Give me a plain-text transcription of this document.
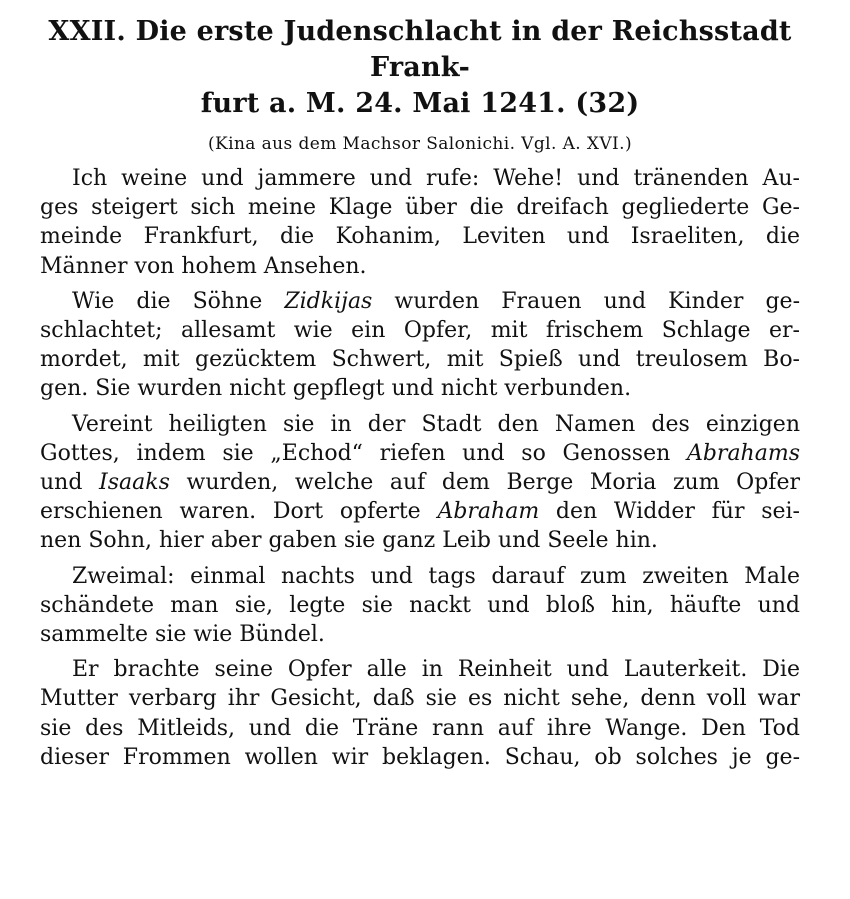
XXII. Die erste Judenschlacht in der Reichsstadt Frank-
furt a. M. 24. Mai 1241. (32)
(Kina aus dem Machsor Salonichi. Vgl. A. XVI.)

Ich weine und jammere und rufe: Wehe! und tränenden Au-
ges steigert sich meine Klage über die dreifach gegliederte Ge-
meinde Frankfurt, die Kohanim, Leviten und Israeliten, die
Männer von hohem Ansehen.

Wie die Söhne Zidkijas wurden Frauen und Kinder ge-
schlachtet; allesamt wie ein Opfer, mit frischem Schlage er-
mordet, mit gezücktem Schwert, mit Spieß und treulosem Bo-
gen. Sie wurden nicht gepflegt und nicht verbunden.

Vereint heiligten sie in der Stadt den Namen des einzigen
Gottes, indem sie „Echod“ riefen und so Genossen Abrahams
und Isaaks wurden, welche auf dem Berge Moria zum Opfer
erschienen waren. Dort opferte Abraham den Widder für sei-
nen Sohn, hier aber gaben sie ganz Leib und Seele hin.

Zweimal: einmal nachts und tags darauf zum zweiten Male
schändete man sie, legte sie nackt und bloß hin, häufte und
sammelte sie wie Bündel.

Er brachte seine Opfer alle in Reinheit und Lauterkeit. Die
Mutter verbarg ihr Gesicht, daß sie es nicht sehe, denn voll war
sie des Mitleids, und die Träne rann auf ihre Wange. Den Tod
dieser Frommen wollen wir beklagen. Schau, ob solches je ge-
